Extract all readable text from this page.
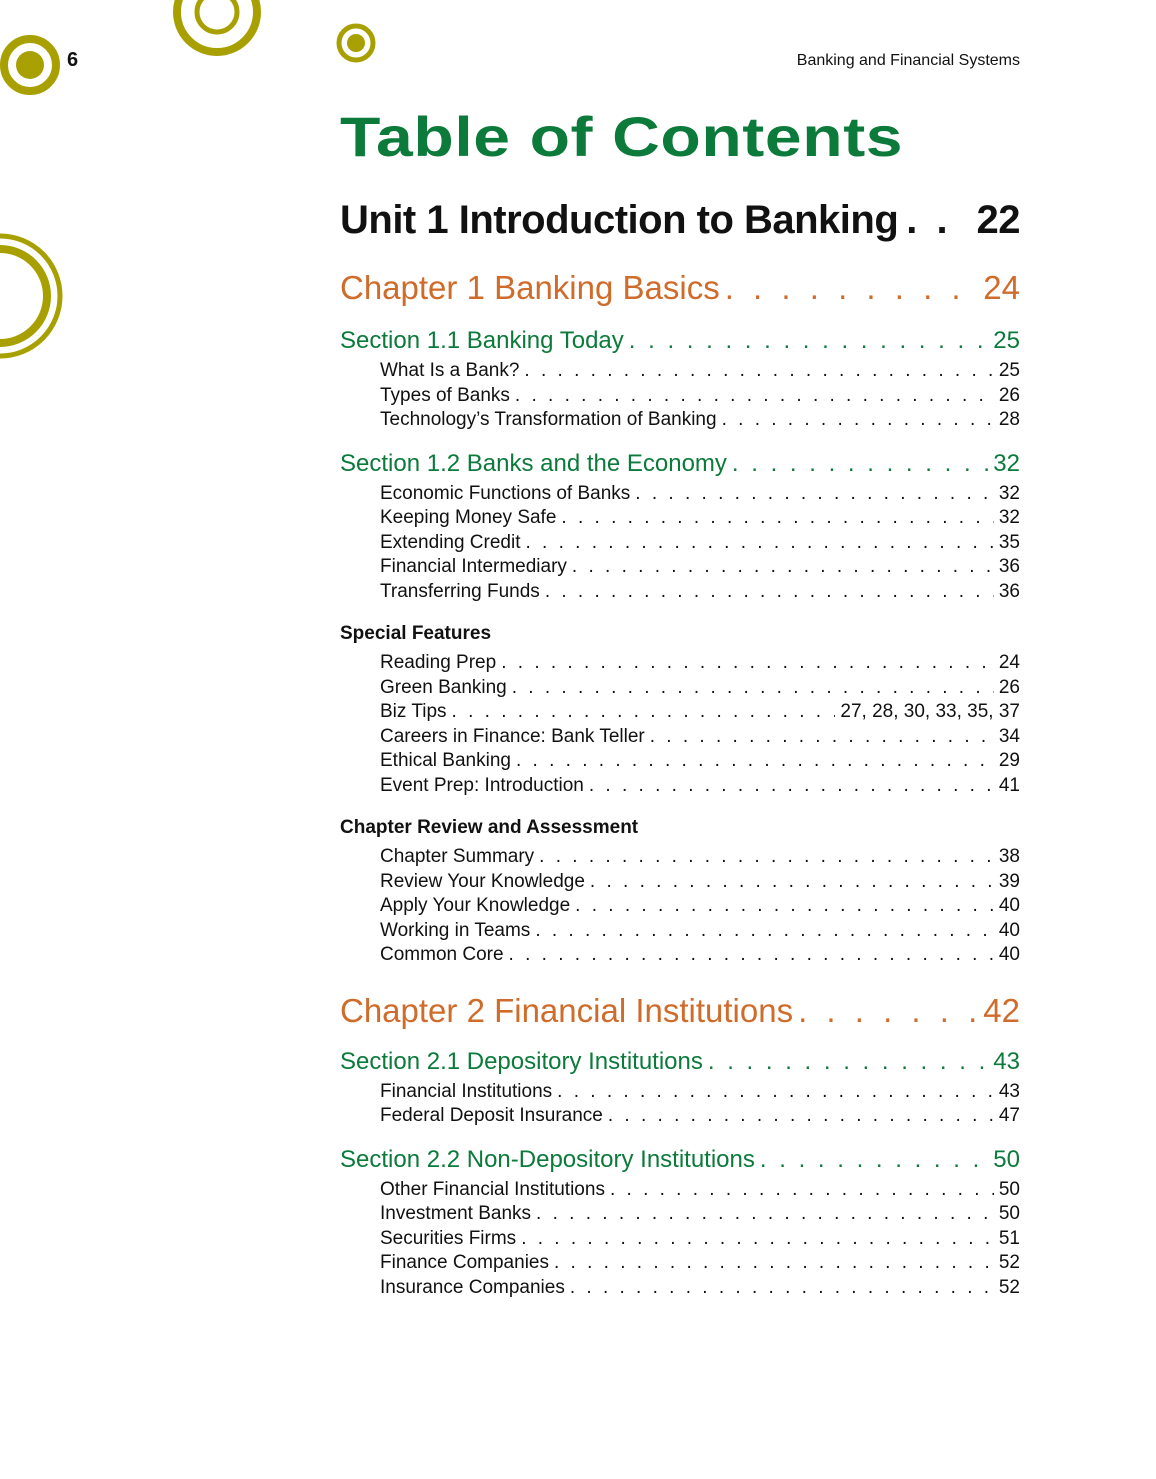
6	Banking and Financial Systems
Table of Contents
Unit 1 Introduction to Banking . . . 22
Chapter 1 Banking Basics . . .	24
Section 1.1 Banking Today . . .	25
What Is a Bank? . . .	25
Types of Banks . . .	26
Technology’s Transformation of Banking . . .	28
Section 1.2 Banks and the Economy . . .	32
Economic Functions of Banks . . .	32
Keeping Money Safe . . .	32
Extending Credit . . .	35
Financial Intermediary . . .	36
Transferring Funds . . .	36
Special Features
Reading Prep . . .	24
Green Banking . . .	26
Biz Tips . . .	27, 28, 30, 33, 35, 37
Careers in Finance: Bank Teller . . .	34
Ethical Banking . . .	29
Event Prep: Introduction . . .	41
Chapter Review and Assessment
Chapter Summary . . .	38
Review Your Knowledge . . .	39
Apply Your Knowledge . . .	40
Working in Teams . . .	40
Common Core . . .	40
Chapter 2 Financial Institutions . . .	42
Section 2.1 Depository Institutions . . .	43
Financial Institutions . . .	43
Federal Deposit Insurance . . .	47
Section 2.2 Non-Depository Institutions . . .	50
Other Financial Institutions . . .	50
Investment Banks . . .	50
Securities Firms . . .	51
Finance Companies . . .	52
Insurance Companies . . .	52
